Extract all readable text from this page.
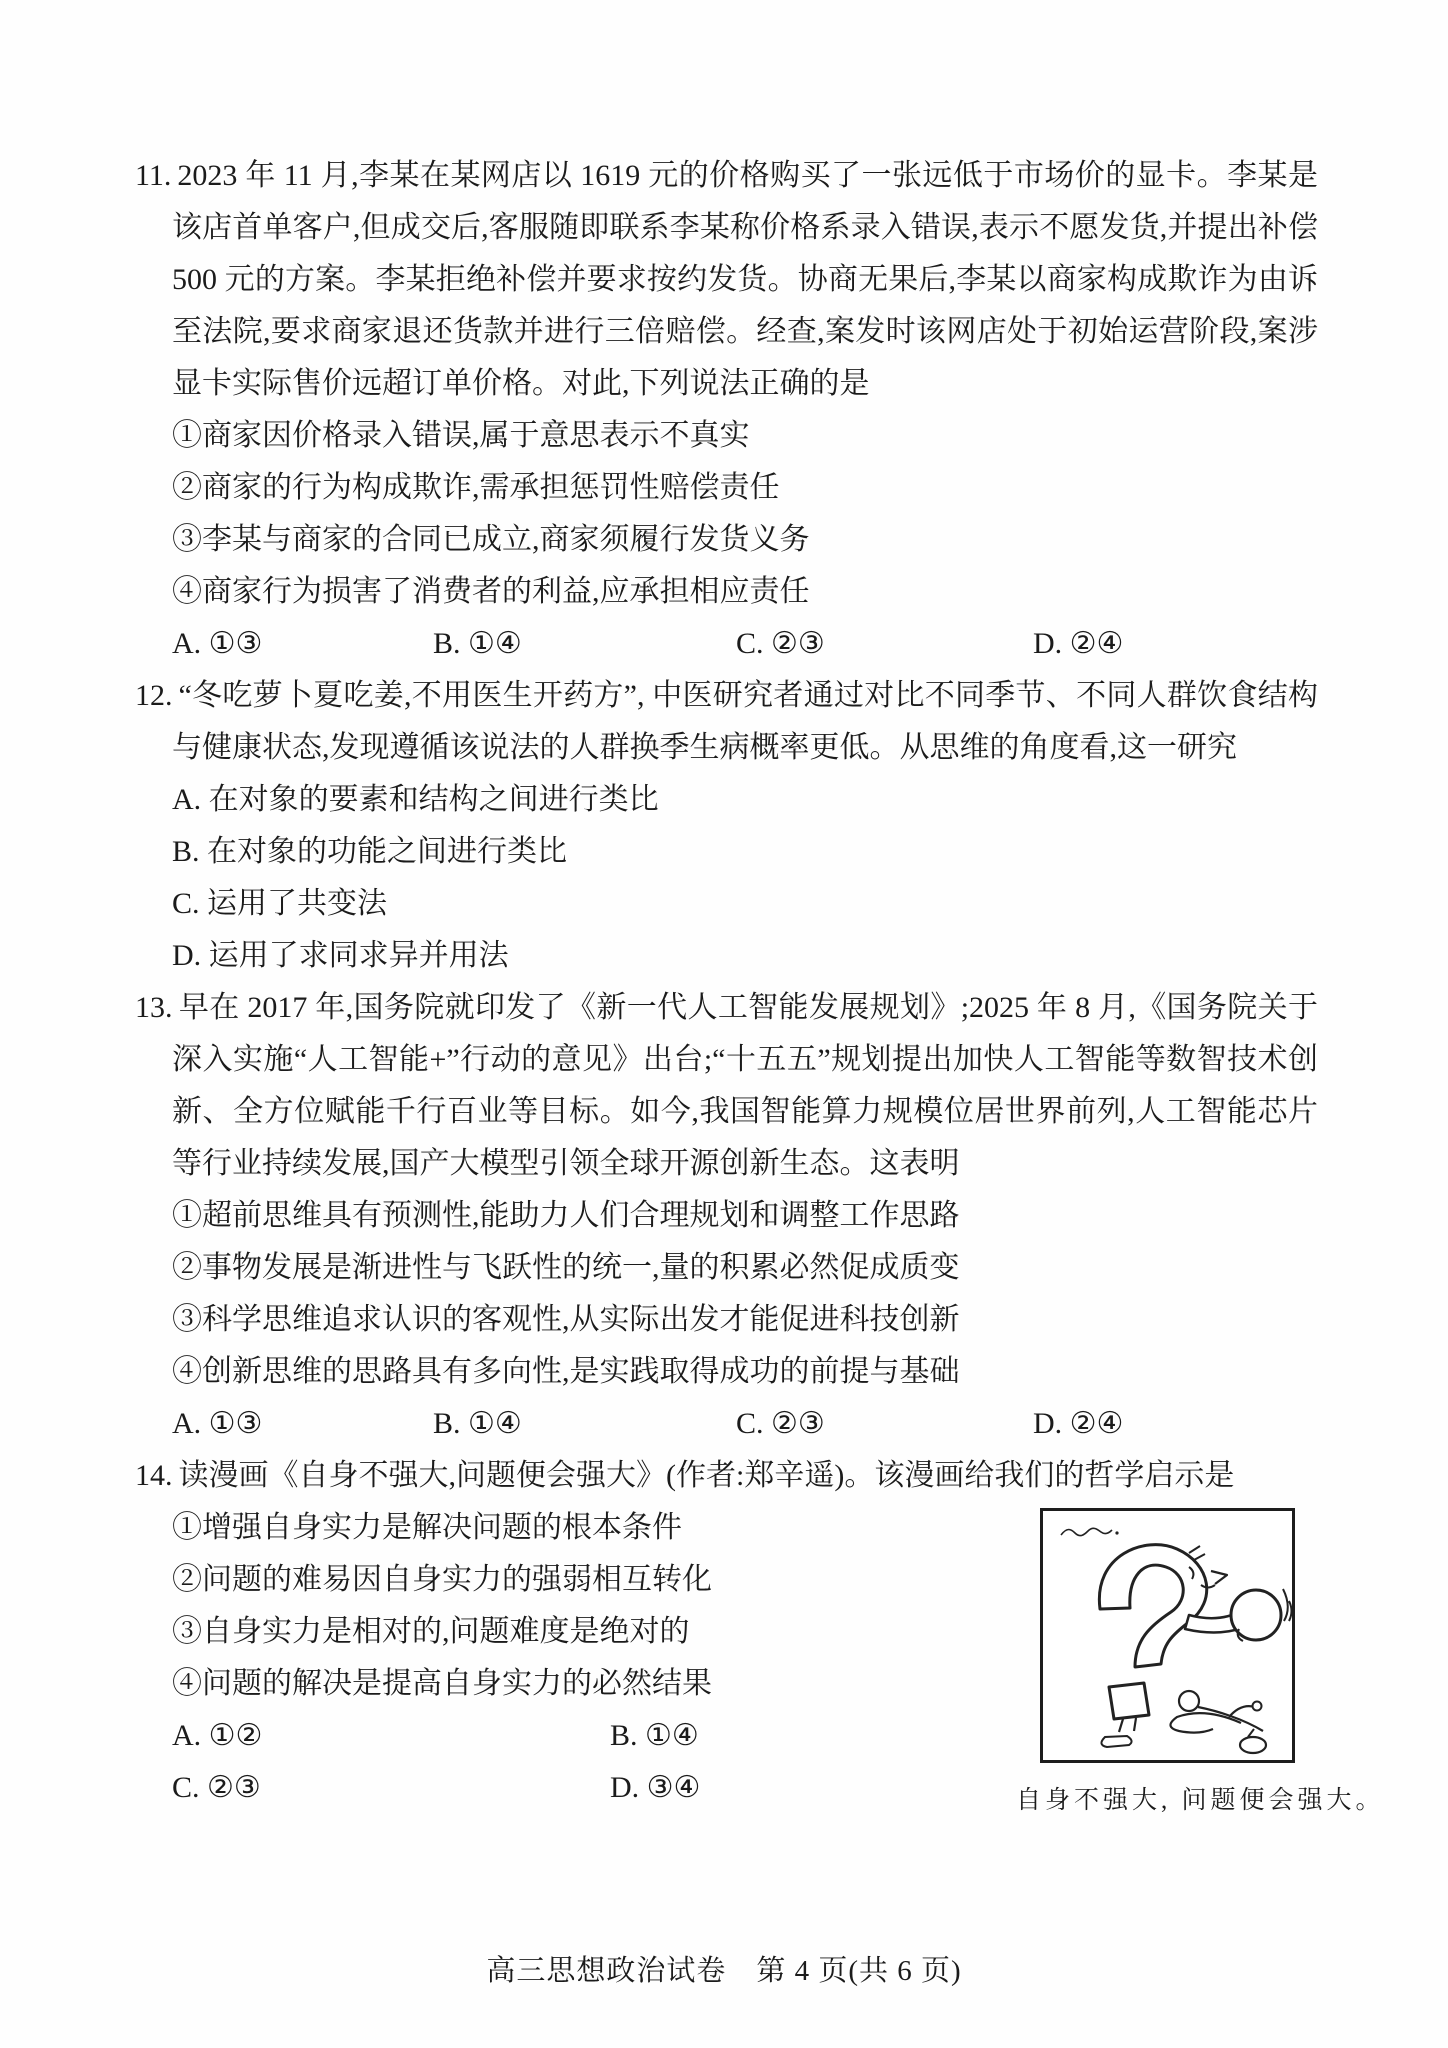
11. 2023 年 11 月,李某在某网店以 1619 元的价格购买了一张远低于市场价的显卡。李某是该店首单客户,但成交后,客服随即联系李某称价格系录入错误,表示不愿发货,并提出补偿 500 元的方案。李某拒绝补偿并要求按约发货。协商无果后,李某以商家构成欺诈为由诉至法院,要求商家退还货款并进行三倍赔偿。经查,案发时该网店处于初始运营阶段,案涉显卡实际售价远超订单价格。对此,下列说法正确的是

①商家因价格录入错误,属于意思表示不真实

②商家的行为构成欺诈,需承担惩罚性赔偿责任

③李某与商家的合同已成立,商家须履行发货义务

④商家行为损害了消费者的利益,应承担相应责任

A. ①③	B. ①④	C. ②③	D. ②④

12. “冬吃萝卜夏吃姜,不用医生开药方”, 中医研究者通过对比不同季节、不同人群饮食结构与健康状态,发现遵循该说法的人群换季生病概率更低。从思维的角度看,这一研究

A. 在对象的要素和结构之间进行类比

B. 在对象的功能之间进行类比

C. 运用了共变法

D. 运用了求同求异并用法

13. 早在 2017 年,国务院就印发了《新一代人工智能发展规划》;2025 年 8 月,《国务院关于深入实施“人工智能+”行动的意见》出台;“十五五”规划提出加快人工智能等数智技术创新、全方位赋能千行百业等目标。如今,我国智能算力规模位居世界前列,人工智能芯片等行业持续发展,国产大模型引领全球开源创新生态。这表明

①超前思维具有预测性,能助力人们合理规划和调整工作思路

②事物发展是渐进性与飞跃性的统一,量的积累必然促成质变

③科学思维追求认识的客观性,从实际出发才能促进科技创新

④创新思维的思路具有多向性,是实践取得成功的前提与基础

A. ①③	B. ①④	C. ②③	D. ②④

14. 读漫画《自身不强大,问题便会强大》(作者:郑辛遥)。该漫画给我们的哲学启示是

自身不强大, 问题便会强大。

①增强自身实力是解决问题的根本条件

②问题的难易因自身实力的强弱相互转化

③自身实力是相对的,问题难度是绝对的

④问题的解决是提高自身实力的必然结果

A. ①②	B. ①④
C. ②③	D. ③④
高三思想政治试卷　第 4 页(共 6 页)
